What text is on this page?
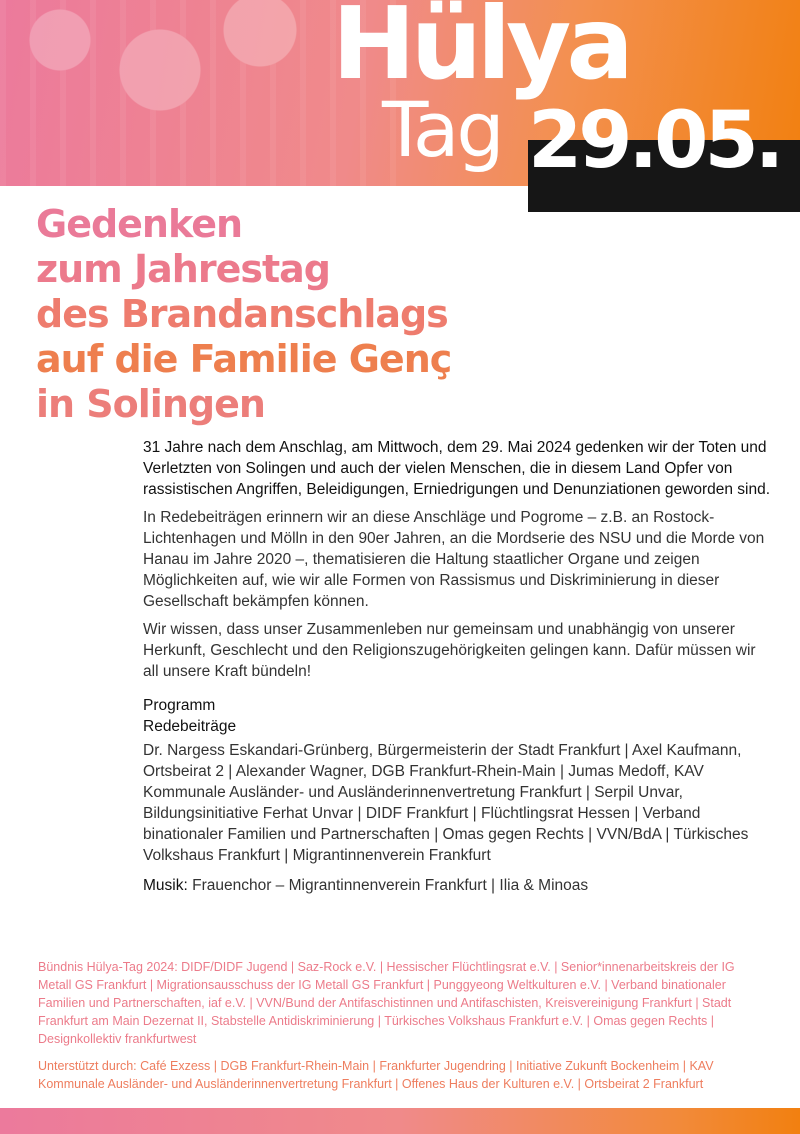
Hülya
Tag 29.05.
Gedenken
zum Jahrestag
des Brandanschlags
auf die Familie Genç
in Solingen

31 Jahre nach dem Anschlag, am Mittwoch, dem 29. Mai 2024 gedenken wir der Toten und Verletzten von Solingen und auch der vielen Menschen, die in diesem Land Opfer von rassistischen Angriffen, Beleidigungen, Erniedrigungen und Denunziationen geworden sind.

In Redebeiträgen erinnern wir an diese Anschläge und Pogrome – z.B. an Rostock-Lichtenhagen und Mölln in den 90er Jahren, an die Mordserie des NSU und die Morde von Hanau im Jahre 2020 –, thematisieren die Haltung staatlicher Organe und zeigen Möglichkeiten auf, wie wir alle Formen von Rassismus und Diskriminierung in dieser Gesellschaft bekämpfen können.

Wir wissen, dass unser Zusammenleben nur gemeinsam und unabhängig von unserer Herkunft, Geschlecht und den Religionszugehörigkeiten gelingen kann. Dafür müssen wir all unsere Kraft bündeln!

Programm
Redebeiträge
Dr. Nargess Eskandari-Grünberg, Bürgermeisterin der Stadt Frankfurt | Axel Kaufmann, Ortsbeirat 2 | Alexander Wagner, DGB Frankfurt-Rhein-Main | Jumas Medoff, KAV Kommunale Ausländer- und Ausländerinnenvertretung Frankfurt | Serpil Unvar, Bildungsinitiative Ferhat Unvar | DIDF Frankfurt | Flüchtlingsrat Hessen | Verband binationaler Familien und Partnerschaften | Omas gegen Rechts | VVN/BdA | Türkisches Volkshaus Frankfurt | Migrantinnenverein Frankfurt
Musik: Frauenchor – Migrantinnenverein Frankfurt | Ilia & Minoas

Bündnis Hülya-Tag 2024: DIDF/DIDF Jugend | Saz-Rock e.V. | Hessischer Flüchtlingsrat e.V. | Senior*innenarbeitskreis der IG Metall GS Frankfurt | Migrationsausschuss der IG Metall GS Frankfurt | Punggyeong Weltkulturen e.V. | Verband binationaler Familien und Partnerschaften, iaf e.V. | VVN/Bund der Antifaschistinnen und Antifaschisten, Kreisvereinigung Frankfurt | Stadt Frankfurt am Main Dezernat II, Stabstelle Antidiskriminierung | Türkisches Volkshaus Frankfurt e.V. | Omas gegen Rechts | Designkollektiv frankfurtwest

Unterstützt durch: Café Exzess | DGB Frankfurt-Rhein-Main | Frankfurter Jugendring | Initiative Zukunft Bockenheim | KAV Kommunale Ausländer- und Ausländerinnenvertretung Frankfurt | Offenes Haus der Kulturen e.V. | Ortsbeirat 2 Frankfurt
